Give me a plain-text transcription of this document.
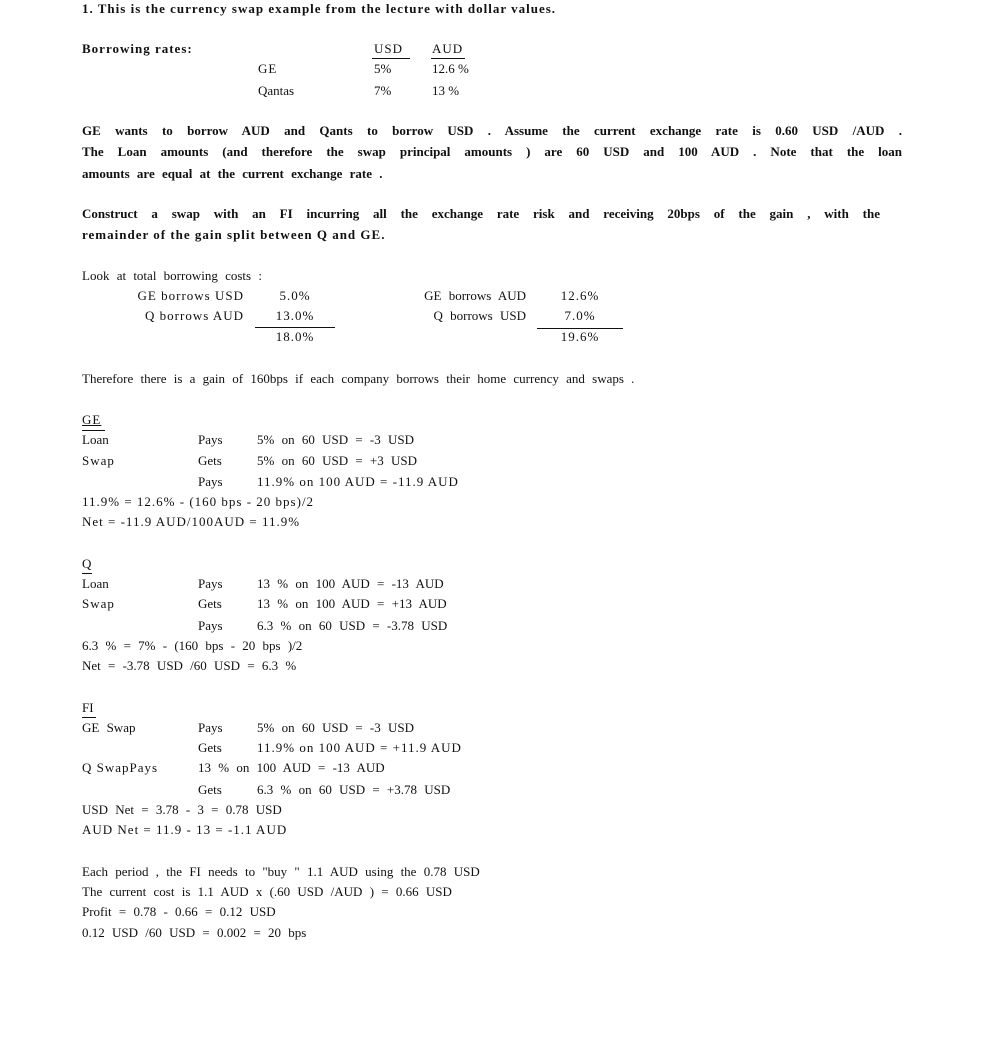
1. This is the currency swap example from the lecture with dollar values.
Borrowing rates:	USD AUD
GE	5%	12.6 %
Qantas	7%	13 %
GE wants to borrow AUD and Qants to borrow USD . Assume the current exchange rate is 0.60 USD /AUD .
The Loan amounts (and therefore the swap principal amounts ) are 60 USD and 100 AUD . Note that the loan
amounts are equal at the current exchange rate .
Construct a swap with an FI incurring all the exchange rate risk and receiving 20bps of the gain , with the
remainder of the gain split between Q and GE.
Look at total borrowing costs :
GE borrows USD	5.0%
Q borrows AUD	13.0%
18.0%
GE borrows AUD	12.6%
Q borrows USD	7.0%
19.6%
Therefore there is a gain of 160bps if each company borrows their home currency and swaps .
GE
Loan	Pays	5% on 60 USD = -3 USD
Swap	Gets	5% on 60 USD = +3 USD
Pays	11.9% on 100 AUD = -11.9 AUD
11.9% = 12.6% - (160 bps - 20 bps)/2
Net = -11.9 AUD/100AUD = 11.9%
Q
Loan	Pays	13 % on 100 AUD = -13 AUD
Swap	Gets	13 % on 100 AUD = +13 AUD
Pays	6.3 % on 60 USD = -3.78 USD
6.3 % = 7% - (160 bps - 20 bps )/2
Net = -3.78 USD /60 USD = 6.3 %
FI
GE Swap	Pays	5% on 60 USD = -3 USD
Gets	11.9% on 100 AUD = +11.9 AUD
Q SwapPays	13 % on 100 AUD = -13 AUD
Gets	6.3 % on 60 USD = +3.78 USD
USD Net = 3.78 - 3 = 0.78 USD
AUD Net = 11.9 - 13 = -1.1 AUD
Each period , the FI needs to "buy " 1.1 AUD using the 0.78 USD
The current cost is 1.1 AUD x (.60 USD /AUD ) = 0.66 USD
Profit = 0.78 - 0.66 = 0.12 USD
0.12 USD /60 USD = 0.002 = 20 bps
